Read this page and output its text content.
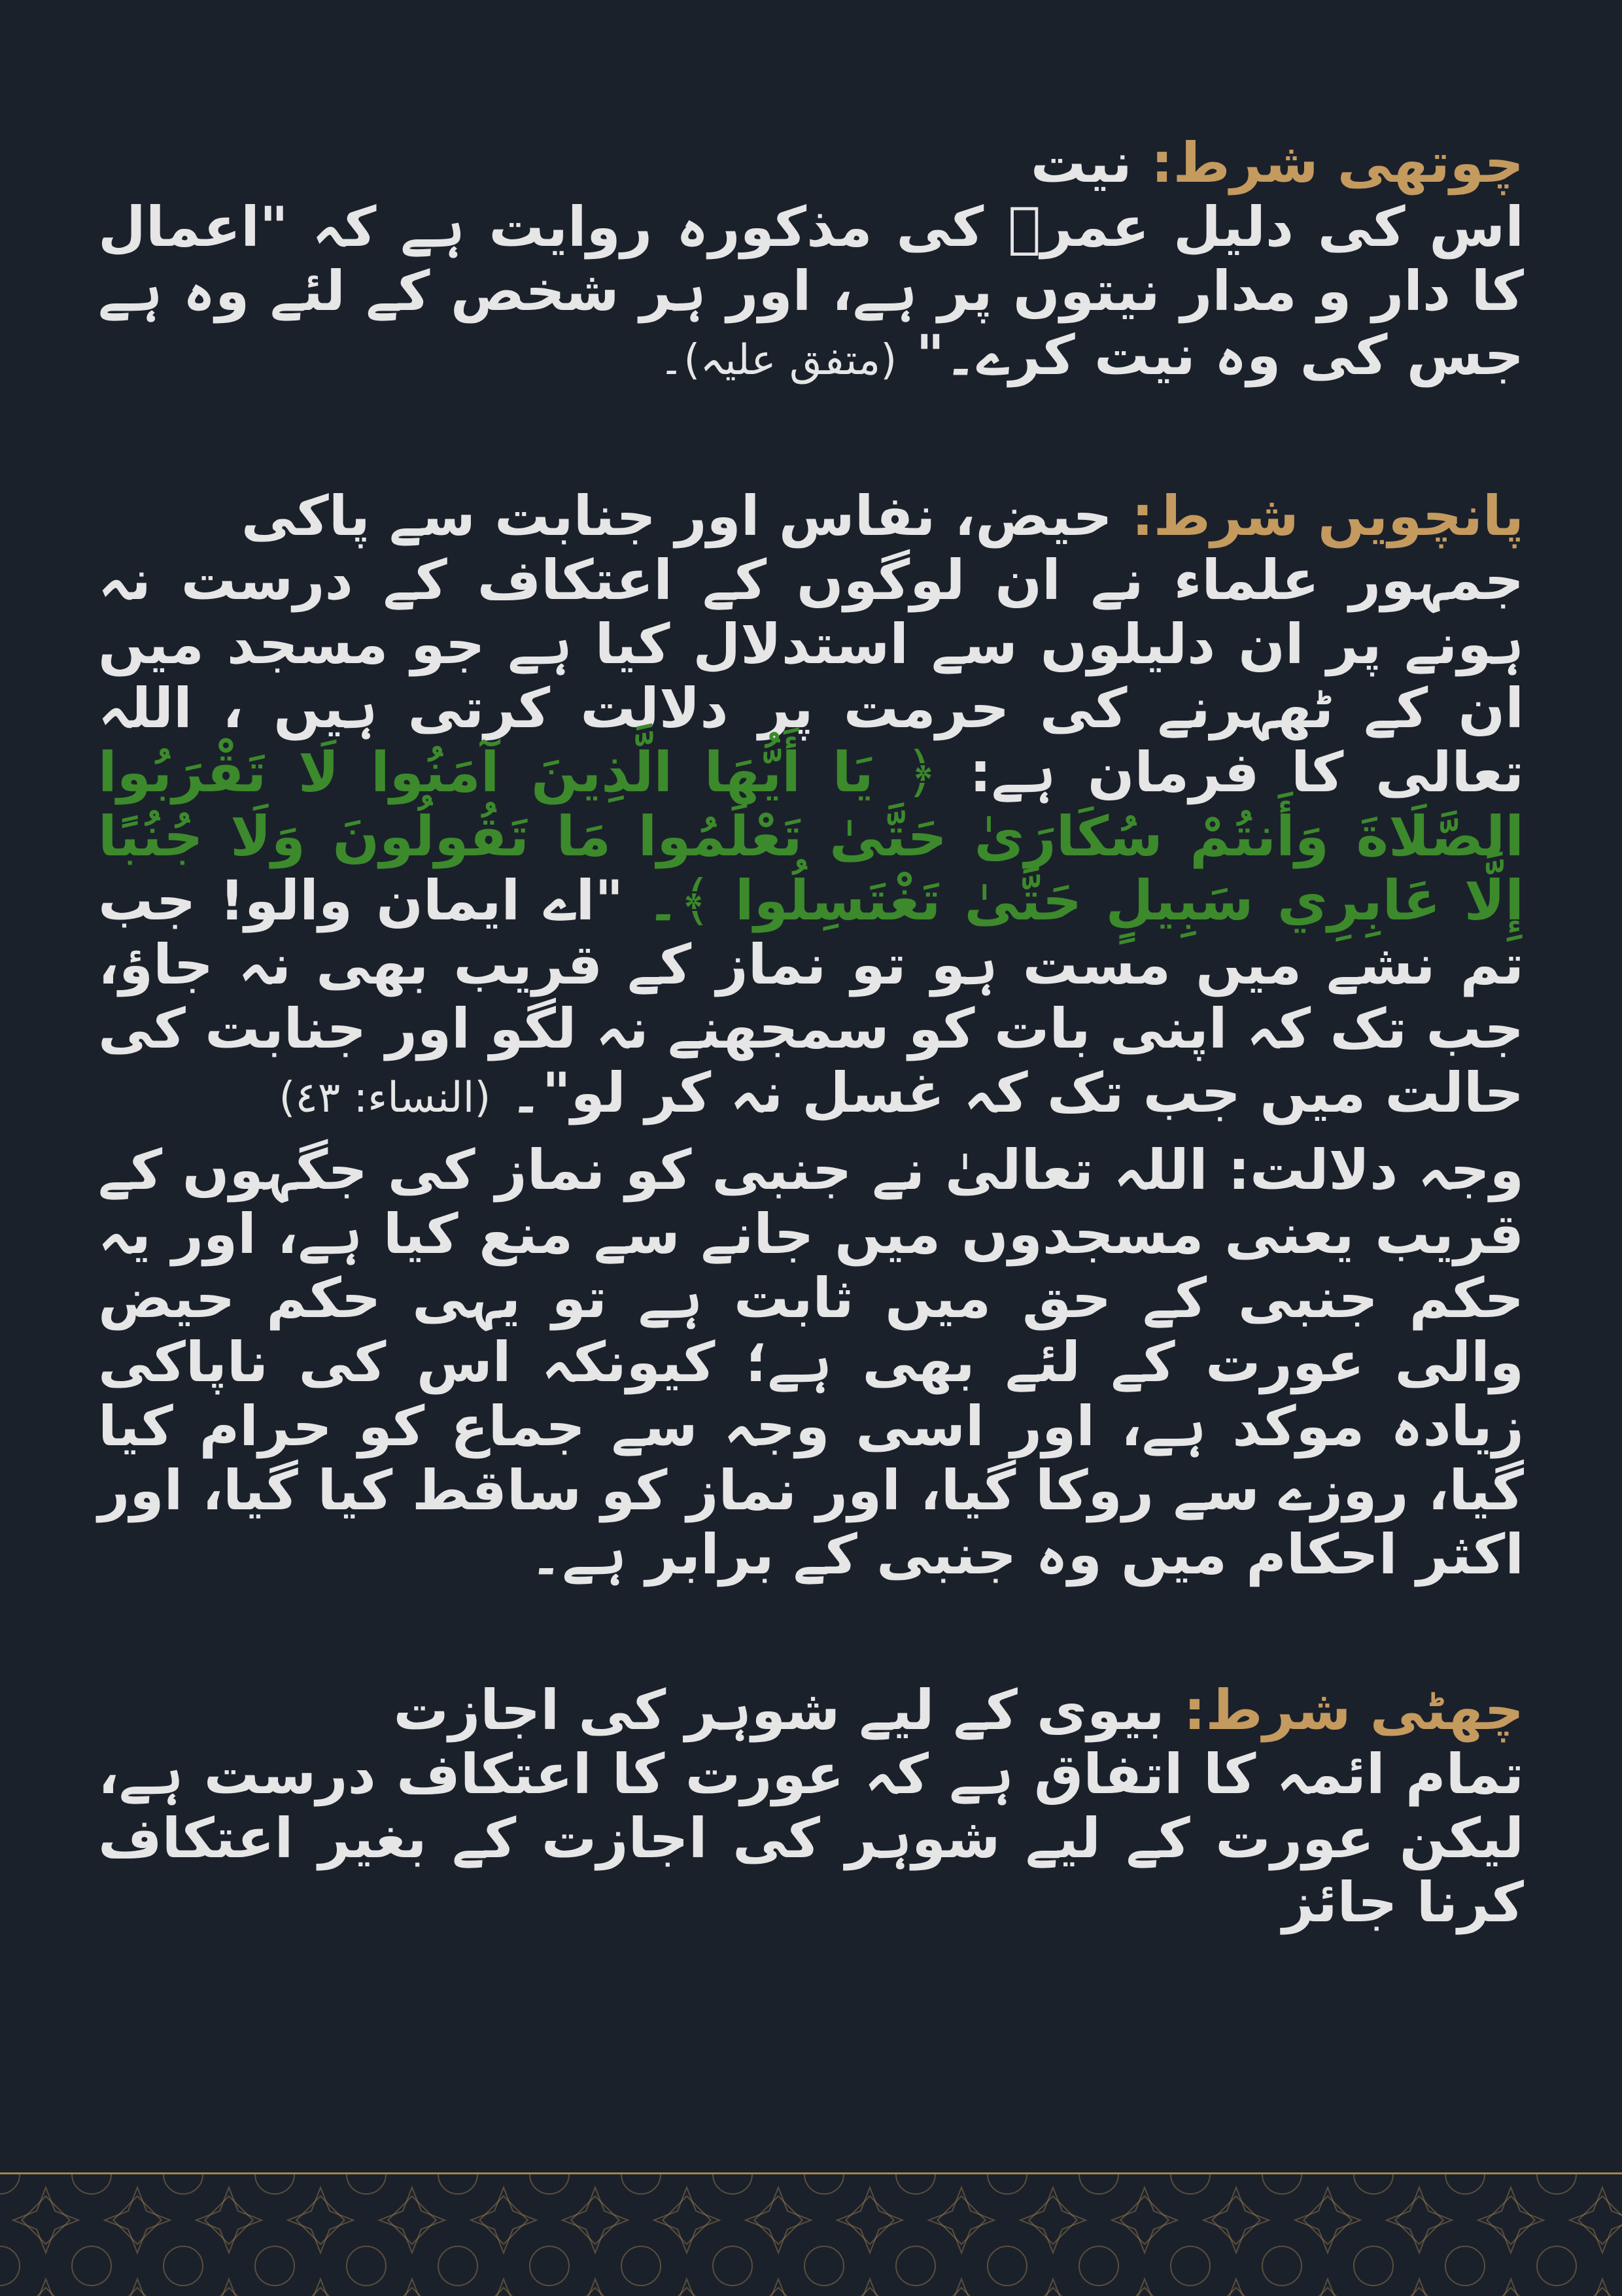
چوتھی شرط: نیت

اس کی دلیل عمرؓ کی مذکورہ روایت ہے کہ "اعمال کا دار و مدار نیتوں پر ہے، اور ہر شخص کے لئے وہ ہے جس کی وہ نیت کرے۔" (متفق علیہ)۔

پانچویں شرط: حیض، نفاس اور جنابت سے پاکی

جمہور علماء نے ان لوگوں کے اعتکاف کے درست نہ ہونے پر ان دلیلوں سے استدلال کیا ہے جو مسجد میں ان کے ٹھہرنے کی حرمت پر دلالت کرتی ہیں ، اللہ تعالی کا فرمان ہے: ﴿ يَا أَيُّهَا الَّذِينَ آمَنُوا لَا تَقْرَبُوا الصَّلَاةَ وَأَنتُمْ سُكَارَىٰ حَتَّىٰ تَعْلَمُوا مَا تَقُولُونَ وَلَا جُنُبًا إِلَّا عَابِرِي سَبِيلٍ حَتَّىٰ تَغْتَسِلُوا ﴾۔ "اے ایمان والو! جب تم نشے میں مست ہو تو نماز کے قریب بھی نہ جاؤ، جب تک کہ اپنی بات کو سمجھنے نہ لگو اور جنابت کی حالت میں جب تک کہ غسل نہ کر لو"۔ (النساء: ٤٣)

وجہ دلالت: اللہ تعالیٰ نے جنبی کو نماز کی جگہوں کے قریب یعنی مسجدوں میں جانے سے منع کیا ہے، اور یہ حکم جنبی کے حق میں ثابت ہے تو یہی حکم حیض والی عورت کے لئے بھی ہے؛ کیونکہ اس کی ناپاکی زیادہ موکد ہے، اور اسی وجہ سے جماع کو حرام کیا گیا، روزے سے روکا گیا، اور نماز کو ساقط کیا گیا، اور اکثر احکام میں وہ جنبی کے برابر ہے۔

چھٹی شرط: بیوی کے لیے شوہر کی اجازت

تمام ائمہ کا اتفاق ہے کہ عورت کا اعتکاف درست ہے، لیکن عورت کے لیے شوہر کی اجازت کے بغیر اعتکاف کرنا جائز
